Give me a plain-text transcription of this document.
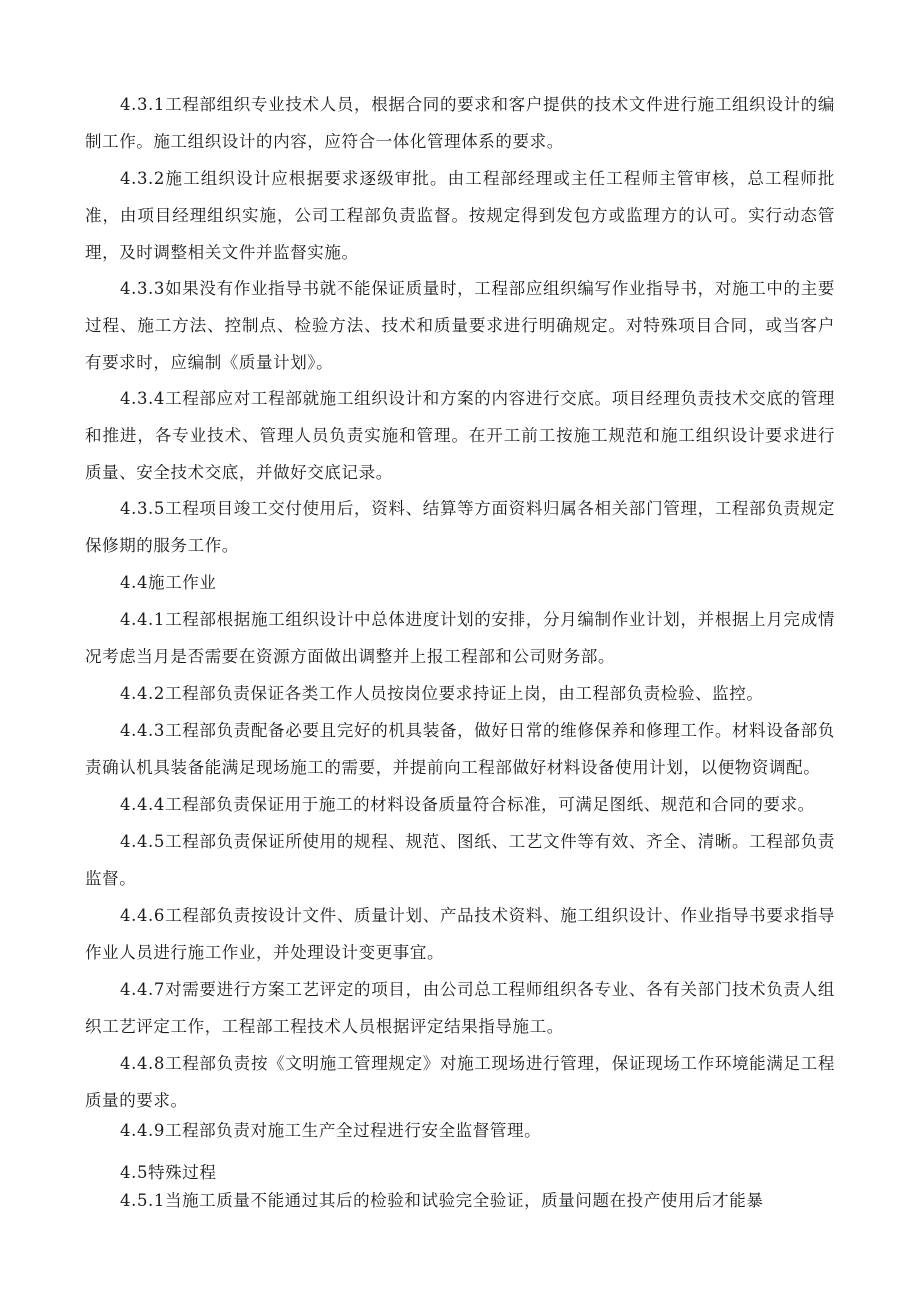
4.3.1工程部组织专业技术人员，根据合同的要求和客户提供的技术文件进行施工组织设计的编制工作。施工组织设计的内容，应符合一体化管理体系的要求。

4.3.2施工组织设计应根据要求逐级审批。由工程部经理或主任工程师主管审核，总工程师批准，由项目经理组织实施，公司工程部负责监督。按规定得到发包方或监理方的认可。实行动态管理，及时调整相关文件并监督实施。

4.3.3如果没有作业指导书就不能保证质量时，工程部应组织编写作业指导书，对施工中的主要过程、施工方法、控制点、检验方法、技术和质量要求进行明确规定。对特殊项目合同，或当客户有要求时，应编制《质量计划》。

4.3.4工程部应对工程部就施工组织设计和方案的内容进行交底。项目经理负责技术交底的管理和推进，各专业技术、管理人员负责实施和管理。在开工前工按施工规范和施工组织设计要求进行质量、安全技术交底，并做好交底记录。

4.3.5工程项目竣工交付使用后，资料、结算等方面资料归属各相关部门管理，工程部负责规定保修期的服务工作。

4.4施工作业

4.4.1工程部根据施工组织设计中总体进度计划的安排，分月编制作业计划，并根据上月完成情况考虑当月是否需要在资源方面做出调整并上报工程部和公司财务部。

4.4.2工程部负责保证各类工作人员按岗位要求持证上岗，由工程部负责检验、监控。

4.4.3工程部负责配备必要且完好的机具装备，做好日常的维修保养和修理工作。材料设备部负责确认机具装备能满足现场施工的需要，并提前向工程部做好材料设备使用计划，以便物资调配。

4.4.4工程部负责保证用于施工的材料设备质量符合标准，可满足图纸、规范和合同的要求。

4.4.5工程部负责保证所使用的规程、规范、图纸、工艺文件等有效、齐全、清晰。工程部负责监督。

4.4.6工程部负责按设计文件、质量计划、产品技术资料、施工组织设计、作业指导书要求指导作业人员进行施工作业，并处理设计变更事宜。

4.4.7对需要进行方案工艺评定的项目，由公司总工程师组织各专业、各有关部门技术负责人组织工艺评定工作，工程部工程技术人员根据评定结果指导施工。

4.4.8工程部负责按《文明施工管理规定》对施工现场进行管理，保证现场工作环境能满足工程质量的要求。

4.4.9工程部负责对施工生产全过程进行安全监督管理。

4.5特殊过程

4.5.1当施工质量不能通过其后的检验和试验完全验证，质量问题在投产使用后才能暴
